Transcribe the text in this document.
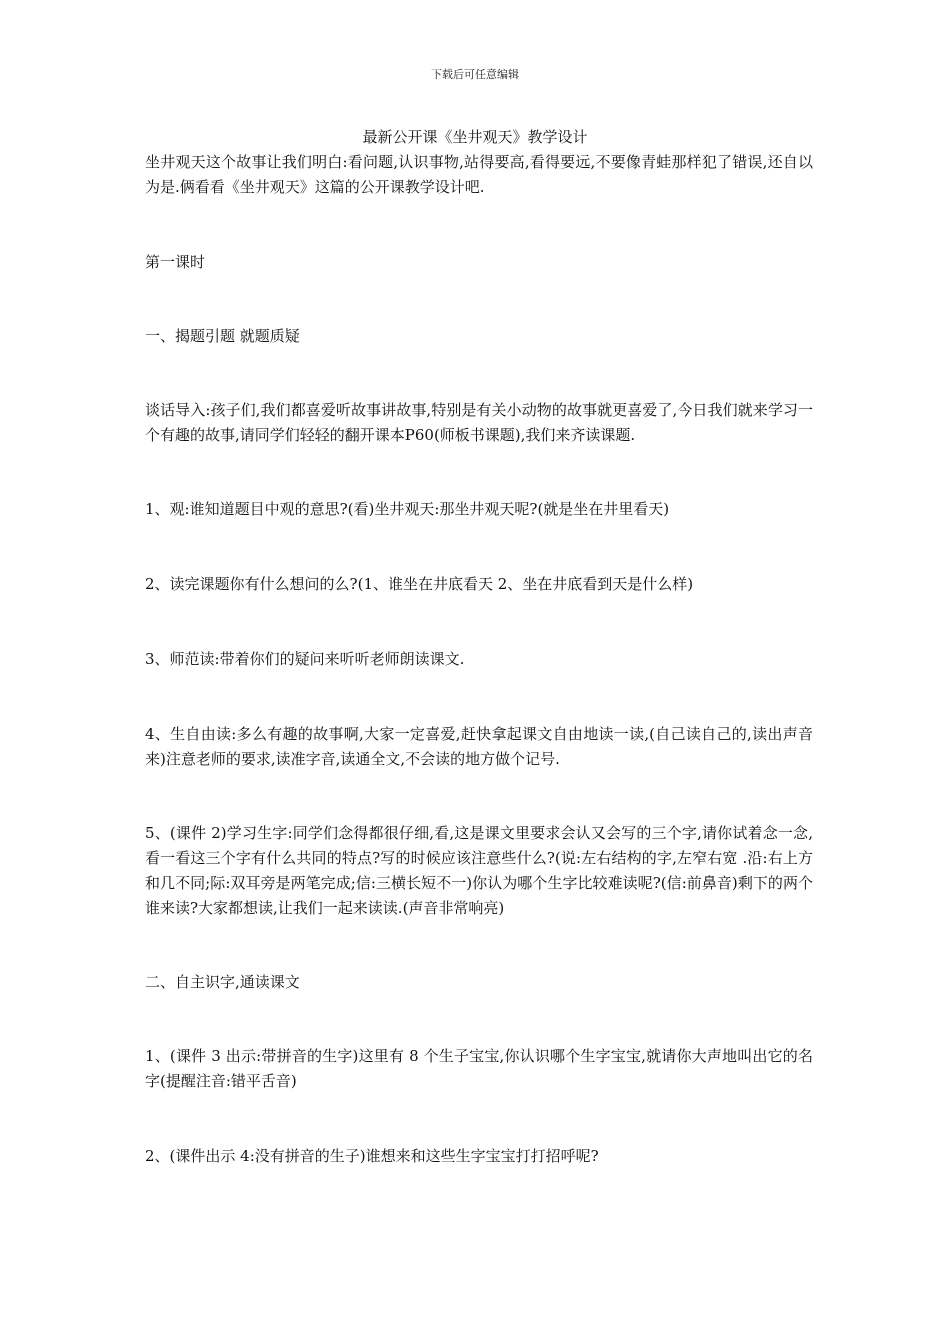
下载后可任意编辑
最新公开课《坐井观天》教学设计
坐井观天这个故事让我们明白:看问题,认识事物,站得要高,看得要远,不要像青蛙那样犯了错误,还自以为是.俩看看《坐井观天》这篇的公开课教学设计吧.
第一课时
一、揭题引题 就题质疑
谈话导入:孩子们,我们都喜爱听故事讲故事,特别是有关小动物的故事就更喜爱了,今日我们就来学习一个有趣的故事,请同学们轻轻的翻开课本P60(师板书课题),我们来齐读课题.
1、观:谁知道题目中观的意思?(看)坐井观天:那坐井观天呢?(就是坐在井里看天)
2、读完课题你有什么想问的么?(1、谁坐在井底看天 2、坐在井底看到天是什么样)
3、师范读:带着你们的疑问来听听老师朗读课文.
4、生自由读:多么有趣的故事啊,大家一定喜爱,赶快拿起课文自由地读一读,(自己读自己的,读出声音来)注意老师的要求,读准字音,读通全文,不会读的地方做个记号.
5、(课件 2)学习生字:同学们念得都很仔细,看,这是课文里要求会认又会写的三个字,请你试着念一念,看一看这三个字有什么共同的特点?写的时候应该注意些什么?(说:左右结构的字,左窄右宽 .沿:右上方和几不同;际:双耳旁是两笔完成;信:三横长短不一)你认为哪个生字比较难读呢?(信:前鼻音)剩下的两个谁来读?大家都想读,让我们一起来读读.(声音非常响亮)
二、自主识字,通读课文
1、(课件 3 出示:带拼音的生字)这里有 8 个生子宝宝,你认识哪个生字宝宝,就请你大声地叫出它的名字(提醒注音:错平舌音)
2、(课件出示 4:没有拼音的生子)谁想来和这些生字宝宝打打招呼呢?
